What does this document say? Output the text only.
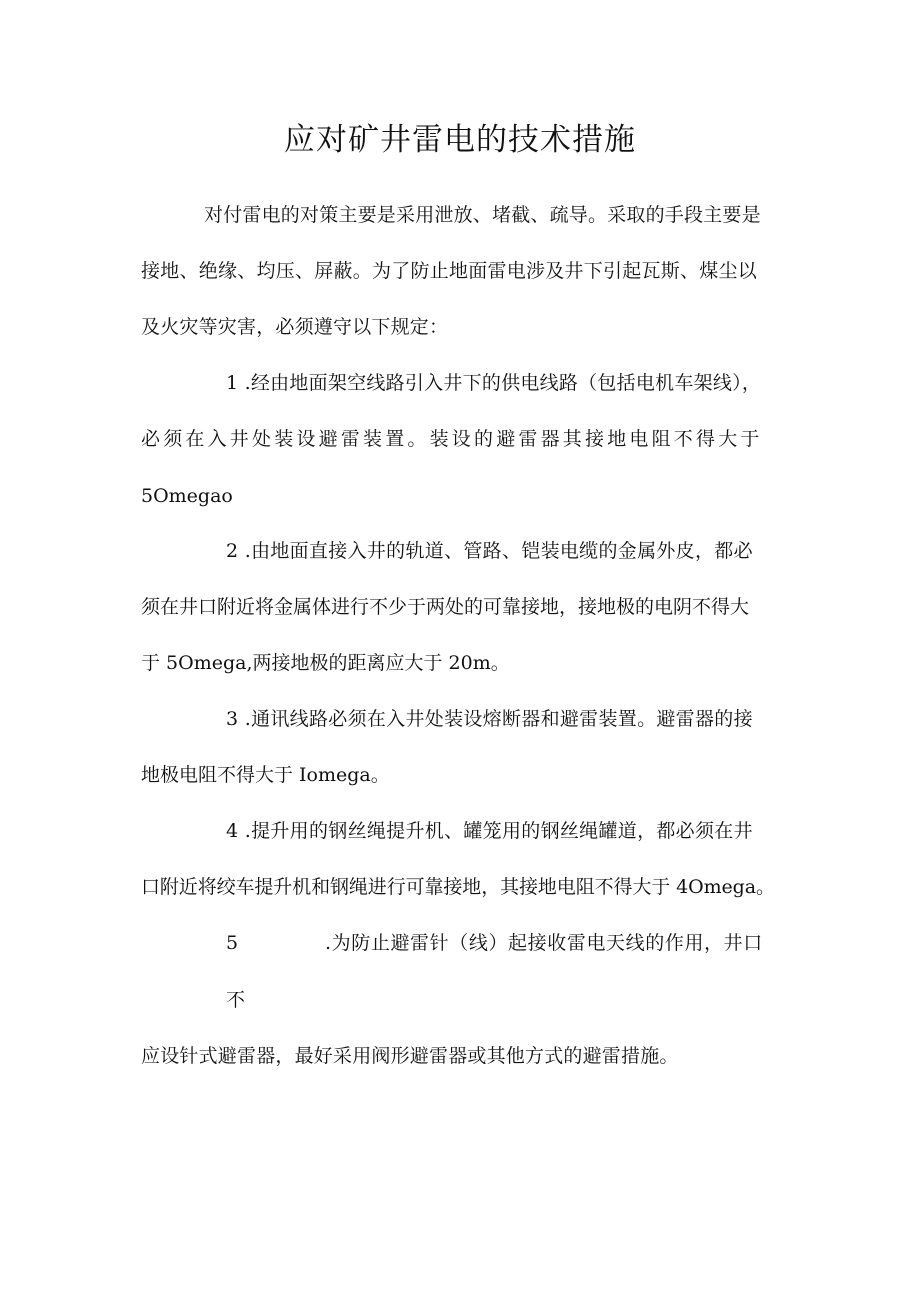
应对矿井雷电的技术措施
对付雷电的对策主要是采用泄放、堵截、疏导。采取的手段主要是
接地、绝缘、均压、屏蔽。为了防止地面雷电涉及井下引起瓦斯、煤尘以
及火灾等灾害，必须遵守以下规定：
1 .经由地面架空线路引入井下的供电线路（包括电机车架线），
必须在入井处装设避雷装置。装设的避雷器其接地电阻不得大于
5Omegao
2 .由地面直接入井的轨道、管路、铠装电缆的金属外皮，都必
须在井口附近将金属体进行不少于两处的可靠接地，接地极的电阴不得大
于 5Omega,两接地极的距离应大于 20m。
3 .通讯线路必须在入井处装设熔断器和避雷装置。避雷器的接
地极电阻不得大于 Iomega。
4 .提升用的钢丝绳提升机、罐笼用的钢丝绳罐道，都必须在井
口附近将绞车提升机和钢绳进行可靠接地，其接地电阻不得大于 4Omega。
5	.为防止避雷针（线）起接收雷电天线的作用，井口
不
应设针式避雷器，最好采用阀形避雷器或其他方式的避雷措施。
